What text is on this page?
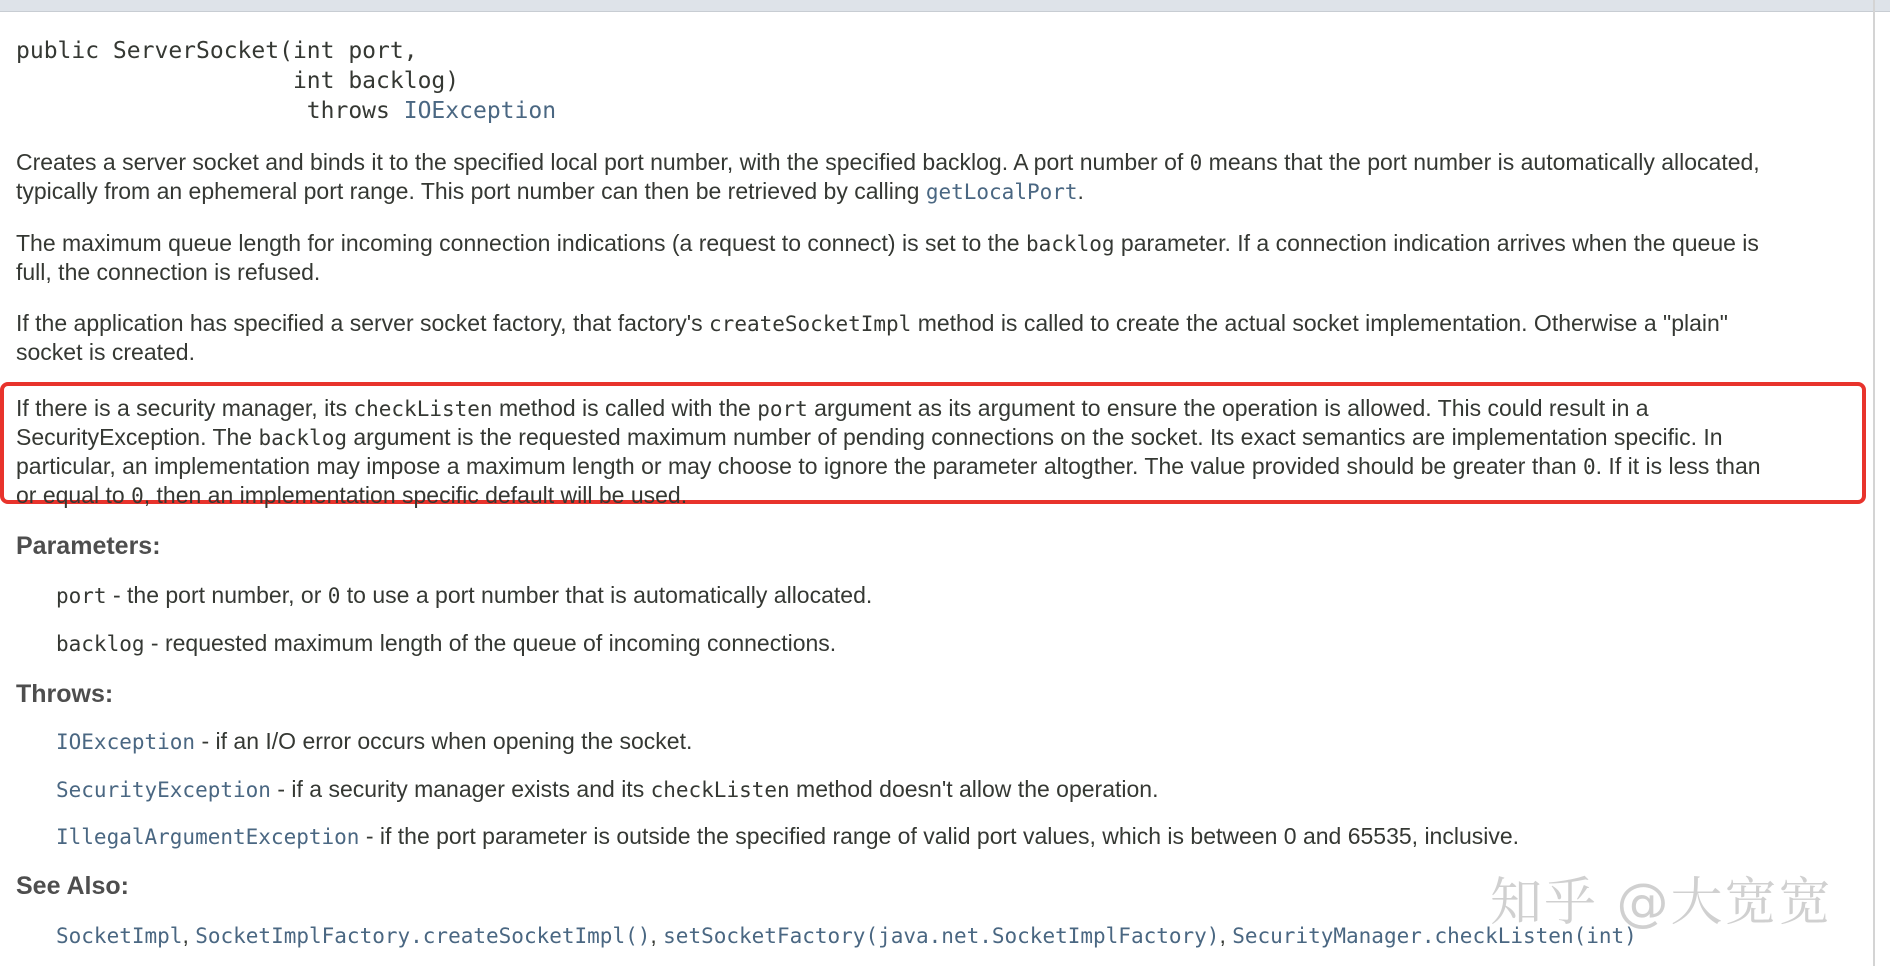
public ServerSocket(int port,
int backlog)
throws IOException

Creates a server socket and binds it to the specified local port number, with the specified backlog. A port number of 0 means that the port number is automatically allocated,
typically from an ephemeral port range. This port number can then be retrieved by calling getLocalPort.

The maximum queue length for incoming connection indications (a request to connect) is set to the backlog parameter. If a connection indication arrives when the queue is
full, the connection is refused.

If the application has specified a server socket factory, that factory's createSocketImpl method is called to create the actual socket implementation. Otherwise a "plain"
socket is created.

If there is a security manager, its checkListen method is called with the port argument as its argument to ensure the operation is allowed. This could result in a
SecurityException. The backlog argument is the requested maximum number of pending connections on the socket. Its exact semantics are implementation specific. In
particular, an implementation may impose a maximum length or may choose to ignore the parameter altogther. The value provided should be greater than 0. If it is less than
or equal to 0, then an implementation specific default will be used.

Parameters:

port - the port number, or 0 to use a port number that is automatically allocated.
backlog - requested maximum length of the queue of incoming connections.

Throws:

IOException - if an I/O error occurs when opening the socket.
SecurityException - if a security manager exists and its checkListen method doesn't allow the operation.
IllegalArgumentException - if the port parameter is outside the specified range of valid port values, which is between 0 and 65535, inclusive.

See Also:

SocketImpl, SocketImplFactory.createSocketImpl(), setSocketFactory(java.net.SocketImplFactory), SecurityManager.checkListen(int)
知乎 @大宽宽
